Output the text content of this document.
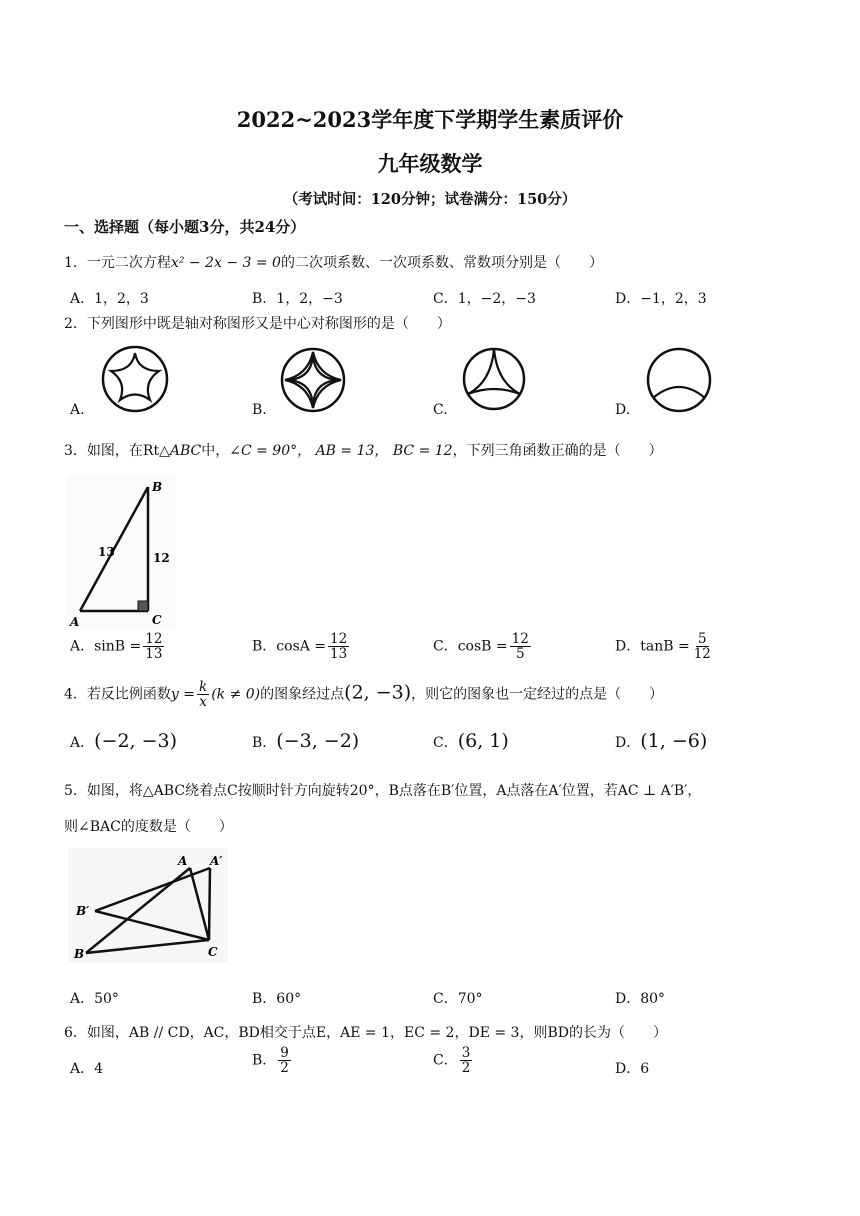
2022~2023学年度下学期学生素质评价
九年级数学
（考试时间：120分钟；试卷满分：150分）
一、选择题（每小题3分，共24分）
1．一元二次方程x² − 2x − 3 = 0的二次项系数、一次项系数、常数项分别是（　　）
A．1，2，3	B．1，2，−3	C．1，−2，−3	D．−1，2，3
2．下列图形中既是轴对称图形又是中心对称图形的是（　　）
A.	B.	C.	D.
3．如图，在Rt△ABC中，∠C = 90°， AB = 13， BC = 12，下列三角函数正确的是（　　）
B
A	C
13	12
A．$\sin B = \frac{12}{13}$	B．$\cos A = \frac{12}{13}$	C．$\cos B = \frac{12}{5}$	D．$\tan B = \frac{5}{12}$
4．若反比例函数$y = \frac{k}{x} (k \ne 0)$的图象经过点(2, −3)，则它的图象也一定经过的点是（　　）
A．(−2, −3)	B．(−3, −2)	C．(6, 1)	D．(1, −6)
5．如图，将△ABC绕着点C按顺时针方向旋转20°，B点落在B′位置，A点落在A′位置，若AC ⊥ A′B′，
则∠BAC的度数是（　　）
A A′
B′
B	C
A．50°	B．60°	C．70°	D．80°
6．如图，AB // CD，AC，BD相交于点E，AE = 1，EC = 2，DE = 3，则BD的长为（　　）
A．4
B． $\frac{9}{2}$	C． $\frac{3}{2}$	D．6
